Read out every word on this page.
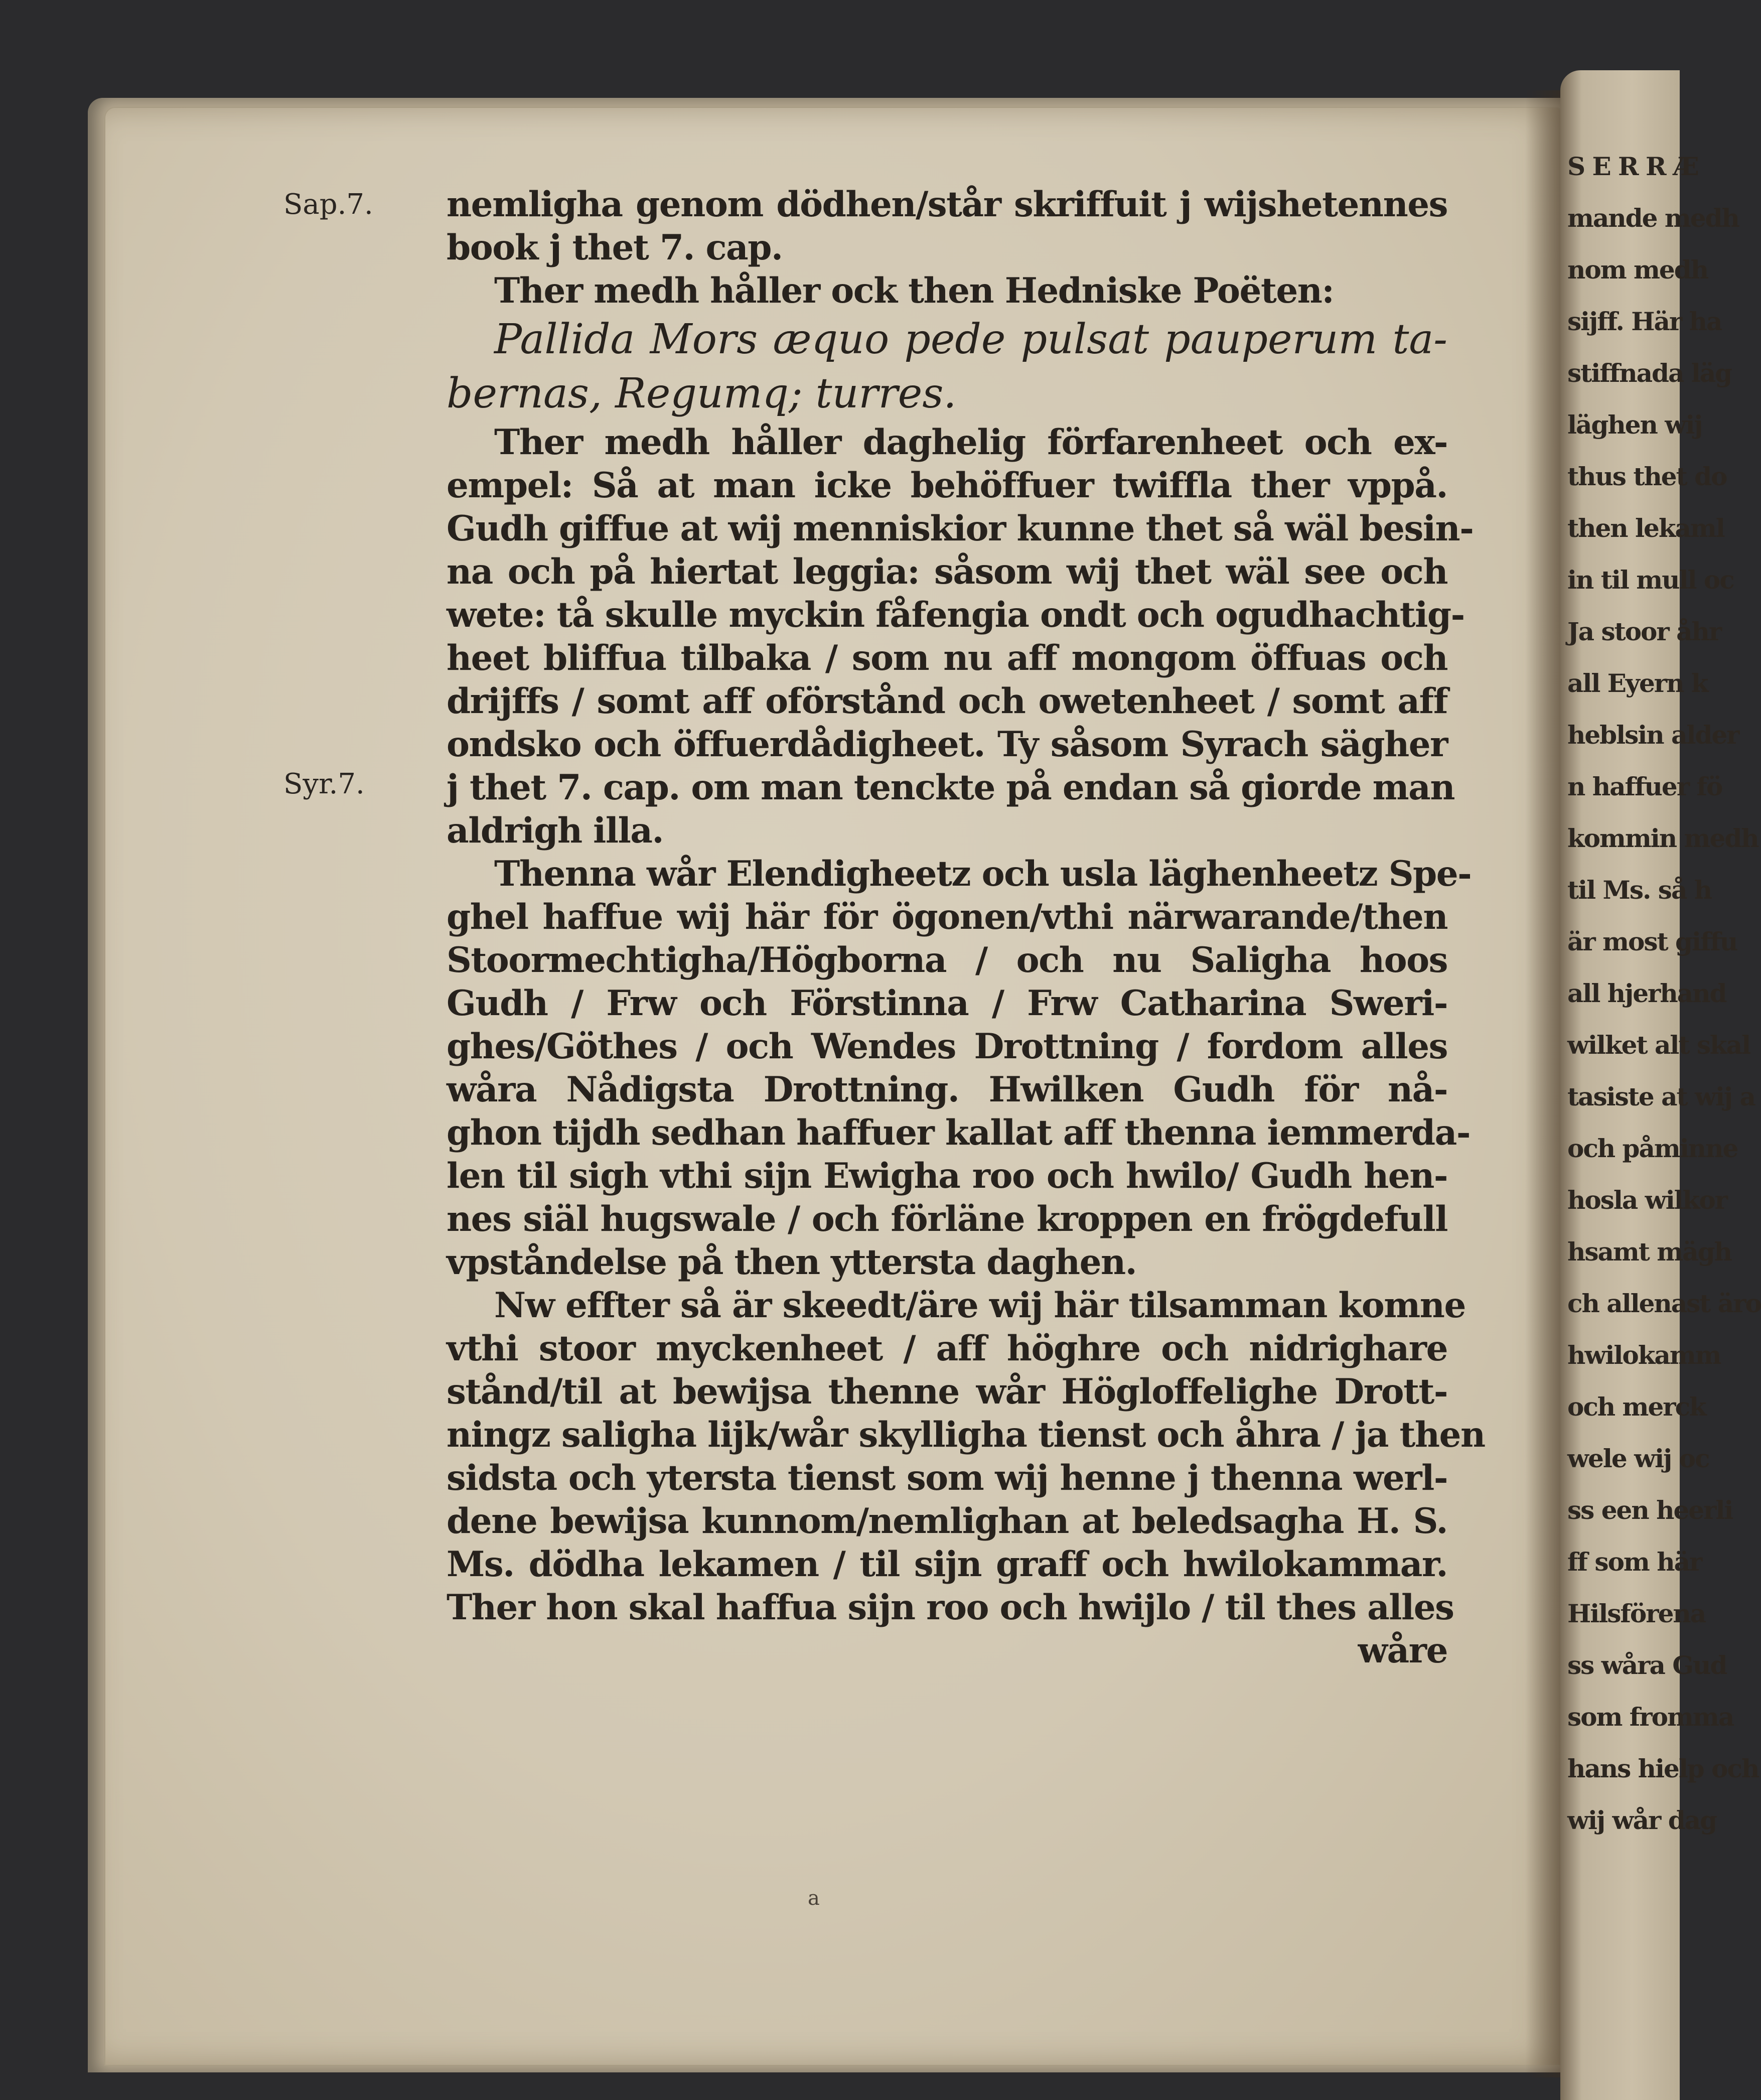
S E R R Æ
mande medh
nom medh
sijff. Här ha
stiffnada läg
läghen wij
thus thet do
then lekaml
in til mull oc
Ja stoor åhr
all Eyern k
heblsin alder
n haffuer fö
kommin medh
til Ms. så h
är most giffu
all hjerhand
wilket alt skal
tasiste at wij a
och påminne
hosla wilkor
hsamt mägh
ch allenast äro
hwilokamm
och merck
wele wij oc
ss een heerli
ff som här
Hilsförena
ss wåra Gud
som fromma
hans hielp och
wij wår dag
Sap.7.
Syr.7.
nemligha genom dödhen/står skriffuit j wijshetennes
book j thet 7. cap.
Ther medh håller ock then Hedniske Poëten:
Pallida Mors æquo pede pulsat pauperum ta-
bernas, Regumq; turres.
Ther medh håller daghelig förfarenheet och ex-
empel: Så at man icke behöffuer twiffla ther vppå.
Gudh giffue at wij menniskior kunne thet så wäl besin-
na och på hiertat leggia: såsom wij thet wäl see och
wete: tå skulle myckin fåfengia ondt och ogudhachtig-
heet bliffua tilbaka / som nu aff mongom öffuas och
drijffs / somt aff oförstånd och owetenheet / somt aff
ondsko och öffuerdådigheet. Ty såsom Syrach sägher
j thet 7. cap. om man tenckte på endan så giorde man
aldrigh illa.
Thenna wår Elendigheetz och usla läghenheetz Spe-
ghel haffue wij här för ögonen/vthi närwarande/then
Stoormechtigha/Högborna / och nu Saligha hoos
Gudh / Frw och Förstinna / Frw Catharina Sweri-
ghes/Göthes / och Wendes Drottning / fordom alles
wåra Nådigsta Drottning. Hwilken Gudh för nå-
ghon tijdh sedhan haffuer kallat aff thenna iemmerda-
len til sigh vthi sijn Ewigha roo och hwilo/ Gudh hen-
nes siäl hugswale / och förläne kroppen en frögdefull
vpståndelse på then yttersta daghen.
Nw effter så är skeedt/äre wij här tilsamman komne
vthi stoor myckenheet / aff höghre och nidrighare
stånd/til at bewijsa thenne wår Högloffelighe Drott-
ningz saligha lijk/wår skylligha tienst och åhra / ja then
sidsta och ytersta tienst som wij henne j thenna werl-
dene bewijsa kunnom/nemlighan at beledsagha H. S.
Ms. dödha lekamen / til sijn graff och hwilokammar.
Ther hon skal haffua sijn roo och hwijlo / til thes alles
wåre
a
